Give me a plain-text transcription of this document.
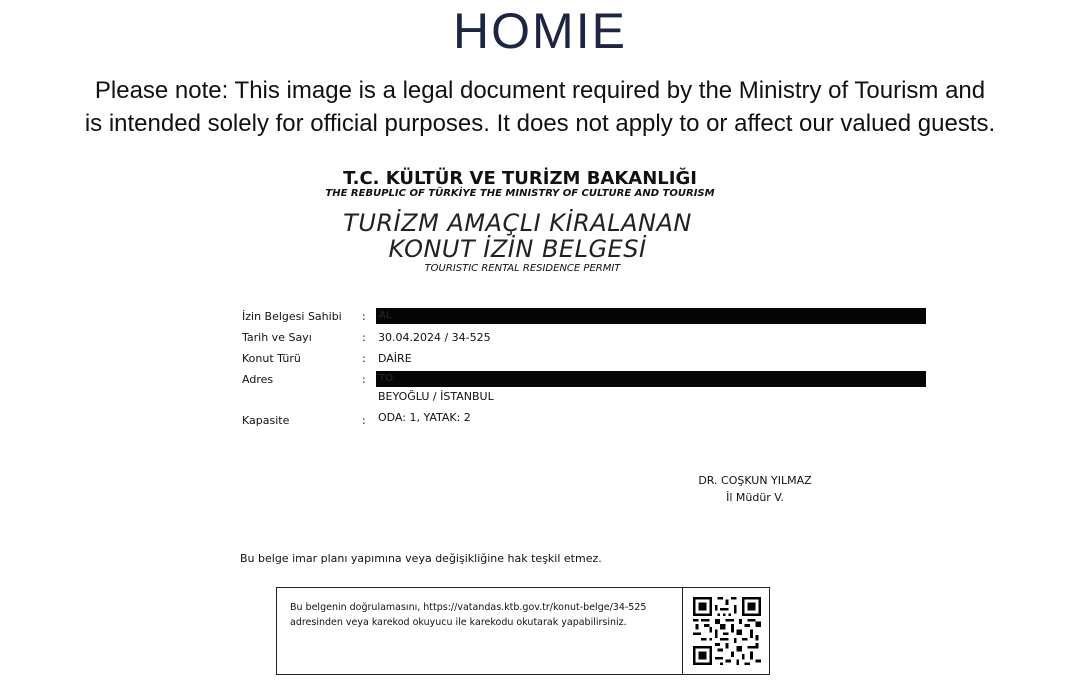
HOMIE
Please note: This image is a legal document required by the Ministry of Tourism and
is intended solely for official purposes. It does not apply to or affect our valued guests.
T.C. KÜLTÜR VE TURİZM BAKANLIĞI
THE REBUPLIC OF TÜRKİYE THE MINISTRY OF CULTURE AND TOURISM
TURİZM AMAÇLI KİRALANAN
KONUT İZİN BELGESİ
TOURISTIC RENTAL RESIDENCE PERMIT
İzin Belgesi Sahibi :	AL
Tarih ve Sayı	: 30.04.2024 / 34-525
Konut Türü	: DAİRE
Adres	:	TO
BEYOĞLU / İSTANBUL
Kapasite	: ODA: 1, YATAK: 2
DR. COŞKUN YILMAZ
İl Müdür V.
Bu belge imar planı yapımına veya değişikliğine hak teşkil etmez.
Bu belgenin doğrulamasını, https://vatandas.ktb.gov.tr/konut-belge/34-525
adresinden veya karekod okuyucu ile karekodu okutarak yapabilirsiniz.
